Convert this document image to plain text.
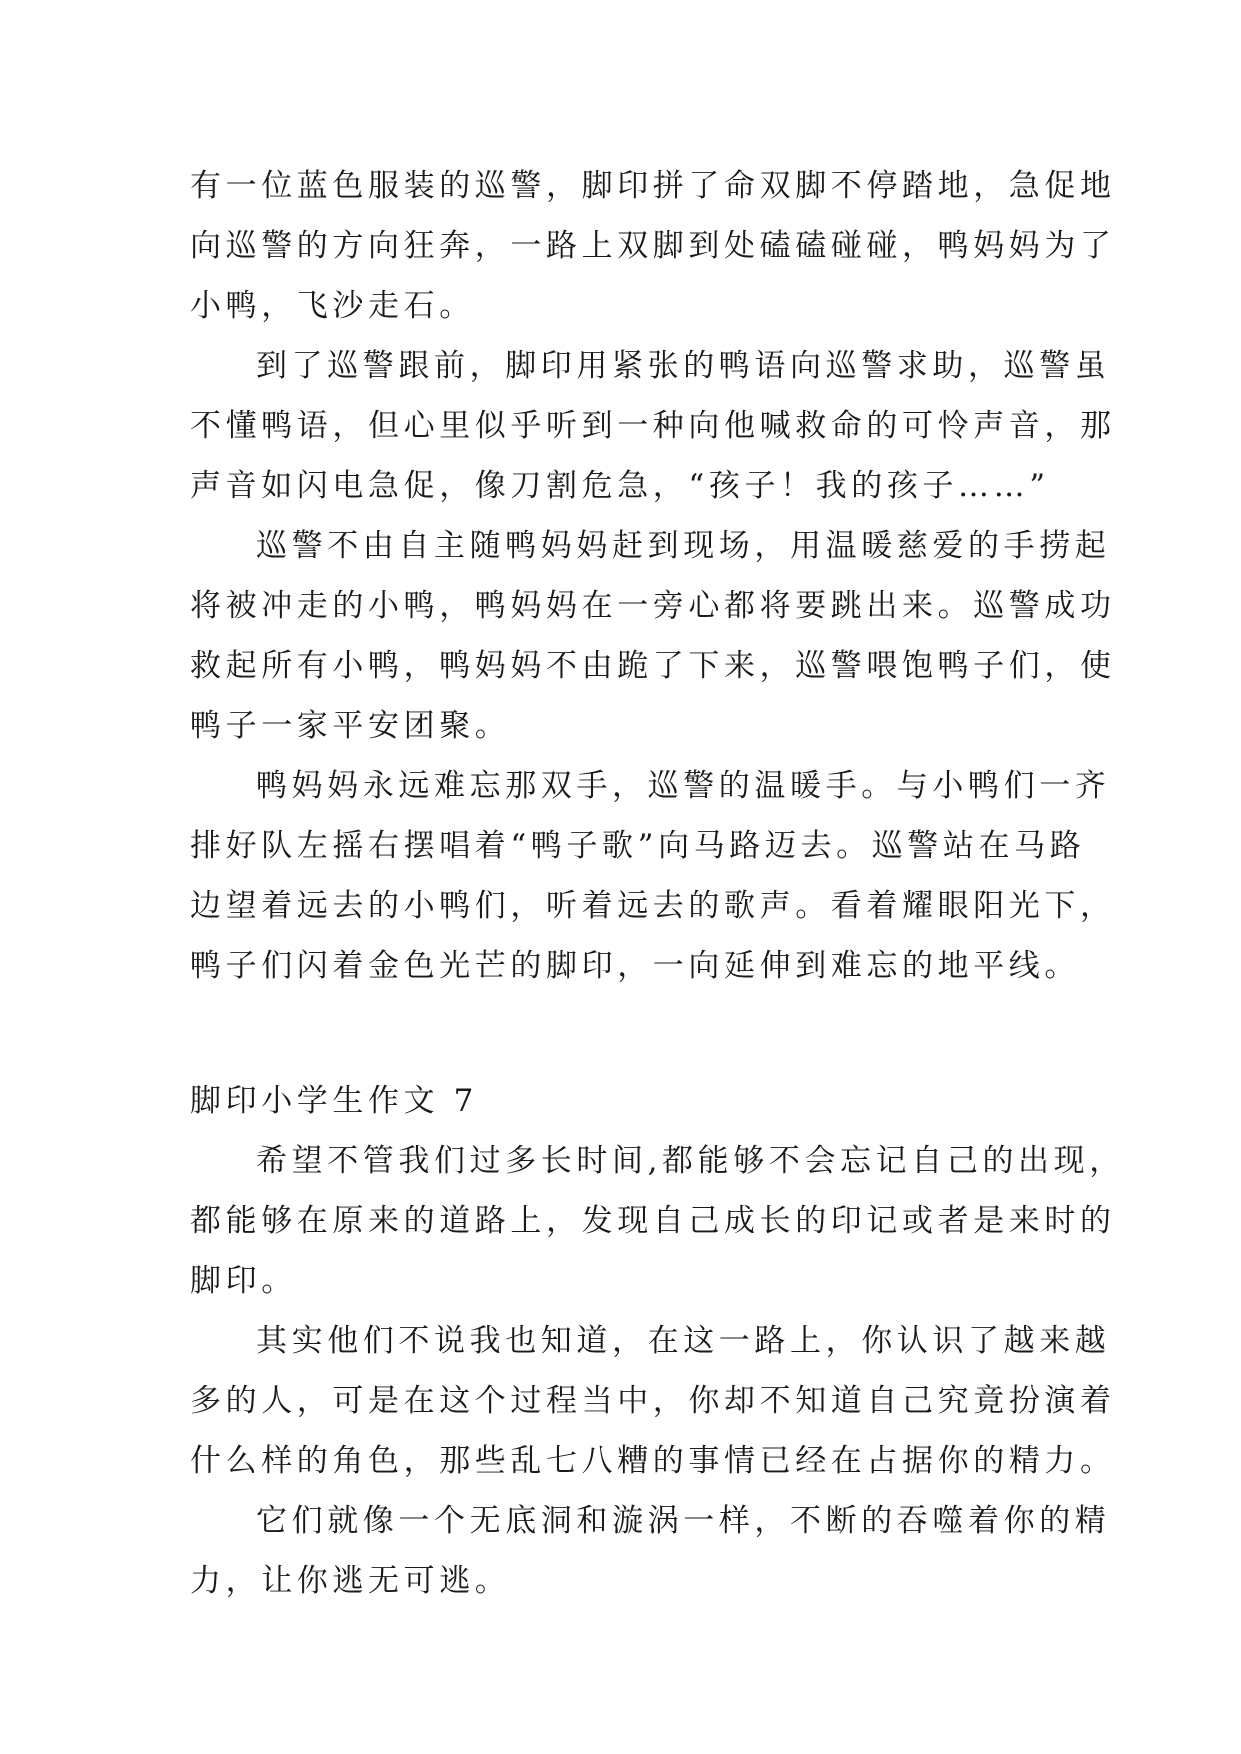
有一位蓝色服装的巡警，脚印拼了命双脚不停踏地，急促地
向巡警的方向狂奔，一路上双脚到处磕磕碰碰，鸭妈妈为了
小鸭，飞沙走石。
到了巡警跟前，脚印用紧张的鸭语向巡警求助，巡警虽
不懂鸭语，但心里似乎听到一种向他喊救命的可怜声音，那
声音如闪电急促，像刀割危急，“孩子！我的孩子……”
巡警不由自主随鸭妈妈赶到现场，用温暖慈爱的手捞起
将被冲走的小鸭，鸭妈妈在一旁心都将要跳出来。巡警成功
救起所有小鸭，鸭妈妈不由跪了下来，巡警喂饱鸭子们，使
鸭子一家平安团聚。
鸭妈妈永远难忘那双手，巡警的温暖手。与小鸭们一齐
排好队左摇右摆唱着“鸭子歌”向马路迈去。巡警站在马路
边望着远去的小鸭们，听着远去的歌声。看着耀眼阳光下，
鸭子们闪着金色光芒的脚印，一向延伸到难忘的地平线。
脚印小学生作文 7
希望不管我们过多长时间,都能够不会忘记自己的出现，
都能够在原来的道路上，发现自己成长的印记或者是来时的
脚印。
其实他们不说我也知道，在这一路上，你认识了越来越
多的人，可是在这个过程当中，你却不知道自己究竟扮演着
什么样的角色，那些乱七八糟的事情已经在占据你的精力。
它们就像一个无底洞和漩涡一样，不断的吞噬着你的精
力，让你逃无可逃。
